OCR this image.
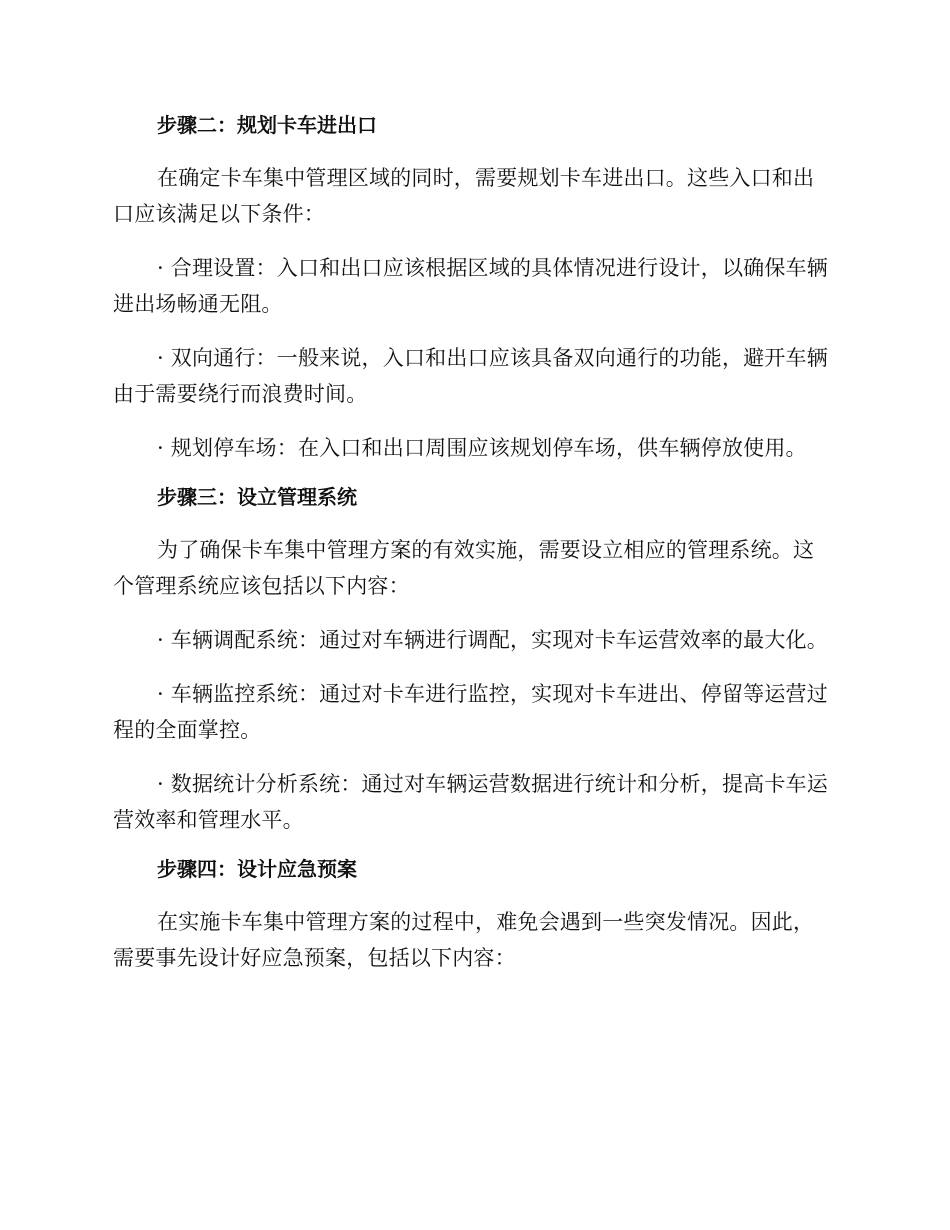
步骤二：规划卡车进出口

在确定卡车集中管理区域的同时，需要规划卡车进出口。这些入口和出口应该满足以下条件：

· 合理设置：入口和出口应该根据区域的具体情况进行设计，以确保车辆进出场畅通无阻。

· 双向通行：一般来说，入口和出口应该具备双向通行的功能，避开车辆由于需要绕行而浪费时间。

· 规划停车场：在入口和出口周围应该规划停车场，供车辆停放使用。

步骤三：设立管理系统

为了确保卡车集中管理方案的有效实施，需要设立相应的管理系统。这个管理系统应该包括以下内容：

· 车辆调配系统：通过对车辆进行调配，实现对卡车运营效率的最大化。

· 车辆监控系统：通过对卡车进行监控，实现对卡车进出、停留等运营过程的全面掌控。

· 数据统计分析系统：通过对车辆运营数据进行统计和分析，提高卡车运营效率和管理水平。

步骤四：设计应急预案

在实施卡车集中管理方案的过程中，难免会遇到一些突发情况。因此，需要事先设计好应急预案，包括以下内容：
